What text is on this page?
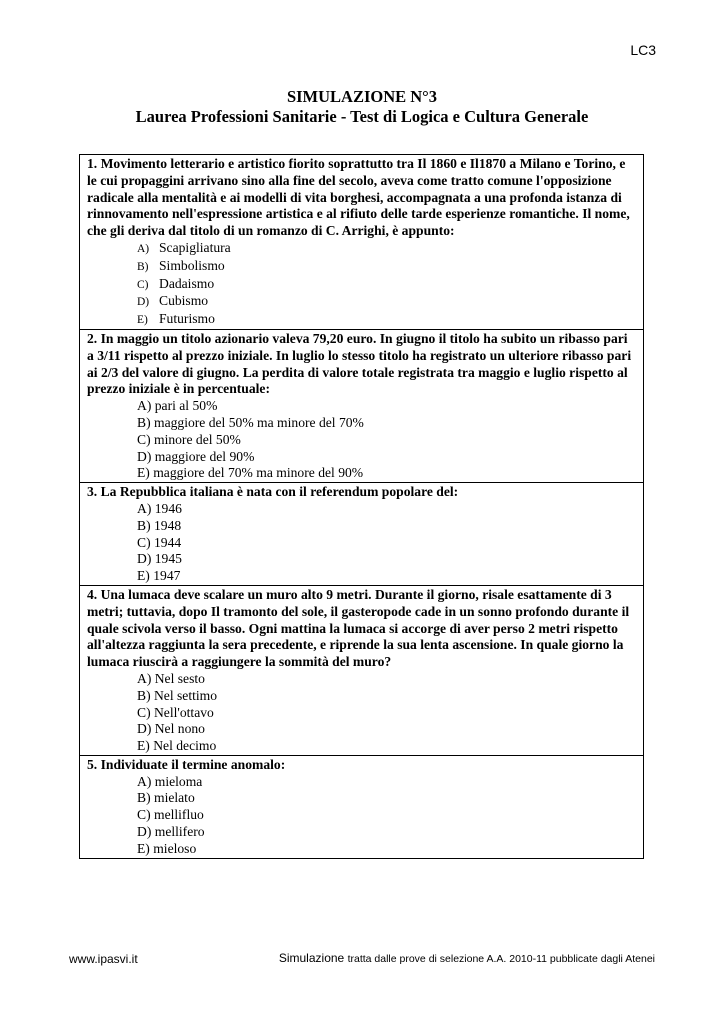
LC3
SIMULAZIONE N°3
Laurea Professioni Sanitarie - Test di Logica e Cultura Generale
1. Movimento letterario e artistico fiorito soprattutto tra Il 1860 e Il1870 a Milano e Torino, e le cui propaggini arrivano sino alla fine del secolo, aveva come tratto comune l'opposizione radicale alla mentalità e ai modelli di vita borghesi, accompagnata a una profonda istanza di rinnovamento nell'espressione artistica e al rifiuto delle tarde esperienze romantiche. Il nome, che gli deriva dal titolo di un romanzo di C. Arrighi, è appunto:
A) Scapigliatura
B) Simbolismo
C) Dadaismo
D) Cubismo
E) Futurismo
2. In maggio un titolo azionario valeva 79,20 euro. In giugno il titolo ha subito un ribasso pari a 3/11 rispetto al prezzo iniziale. In luglio lo stesso titolo ha registrato un ulteriore ribasso pari ai 2/3 del valore di giugno. La perdita di valore totale registrata tra maggio e luglio rispetto al prezzo iniziale è in percentuale:
A) pari al 50%
B) maggiore del 50% ma minore del 70%
C) minore del 50%
D) maggiore del 90%
E) maggiore del 70% ma minore del 90%
3. La Repubblica italiana è nata con il referendum popolare del:
A) 1946
B) 1948
C) 1944
D) 1945
E) 1947
4. Una lumaca deve scalare un muro alto 9 metri. Durante il giorno, risale esattamente di 3 metri; tuttavia, dopo Il tramonto del sole, il gasteropode cade in un sonno profondo durante il quale scivola verso il basso. Ogni mattina la lumaca si accorge di aver perso 2 metri rispetto all'altezza raggiunta la sera precedente, e riprende la sua lenta ascensione. In quale giorno la lumaca riuscirà a raggiungere la sommità del muro?
A) Nel sesto
B) Nel settimo
C) Nell'ottavo
D) Nel nono
E) Nel decimo
5. Individuate il termine anomalo:
A) mieloma
B) mielato
C) mellifluo
D) mellifero
E) mieloso
www.ipasvi.it	Simulazione tratta dalle prove di selezione A.A. 2010-11 pubblicate dagli Atenei
